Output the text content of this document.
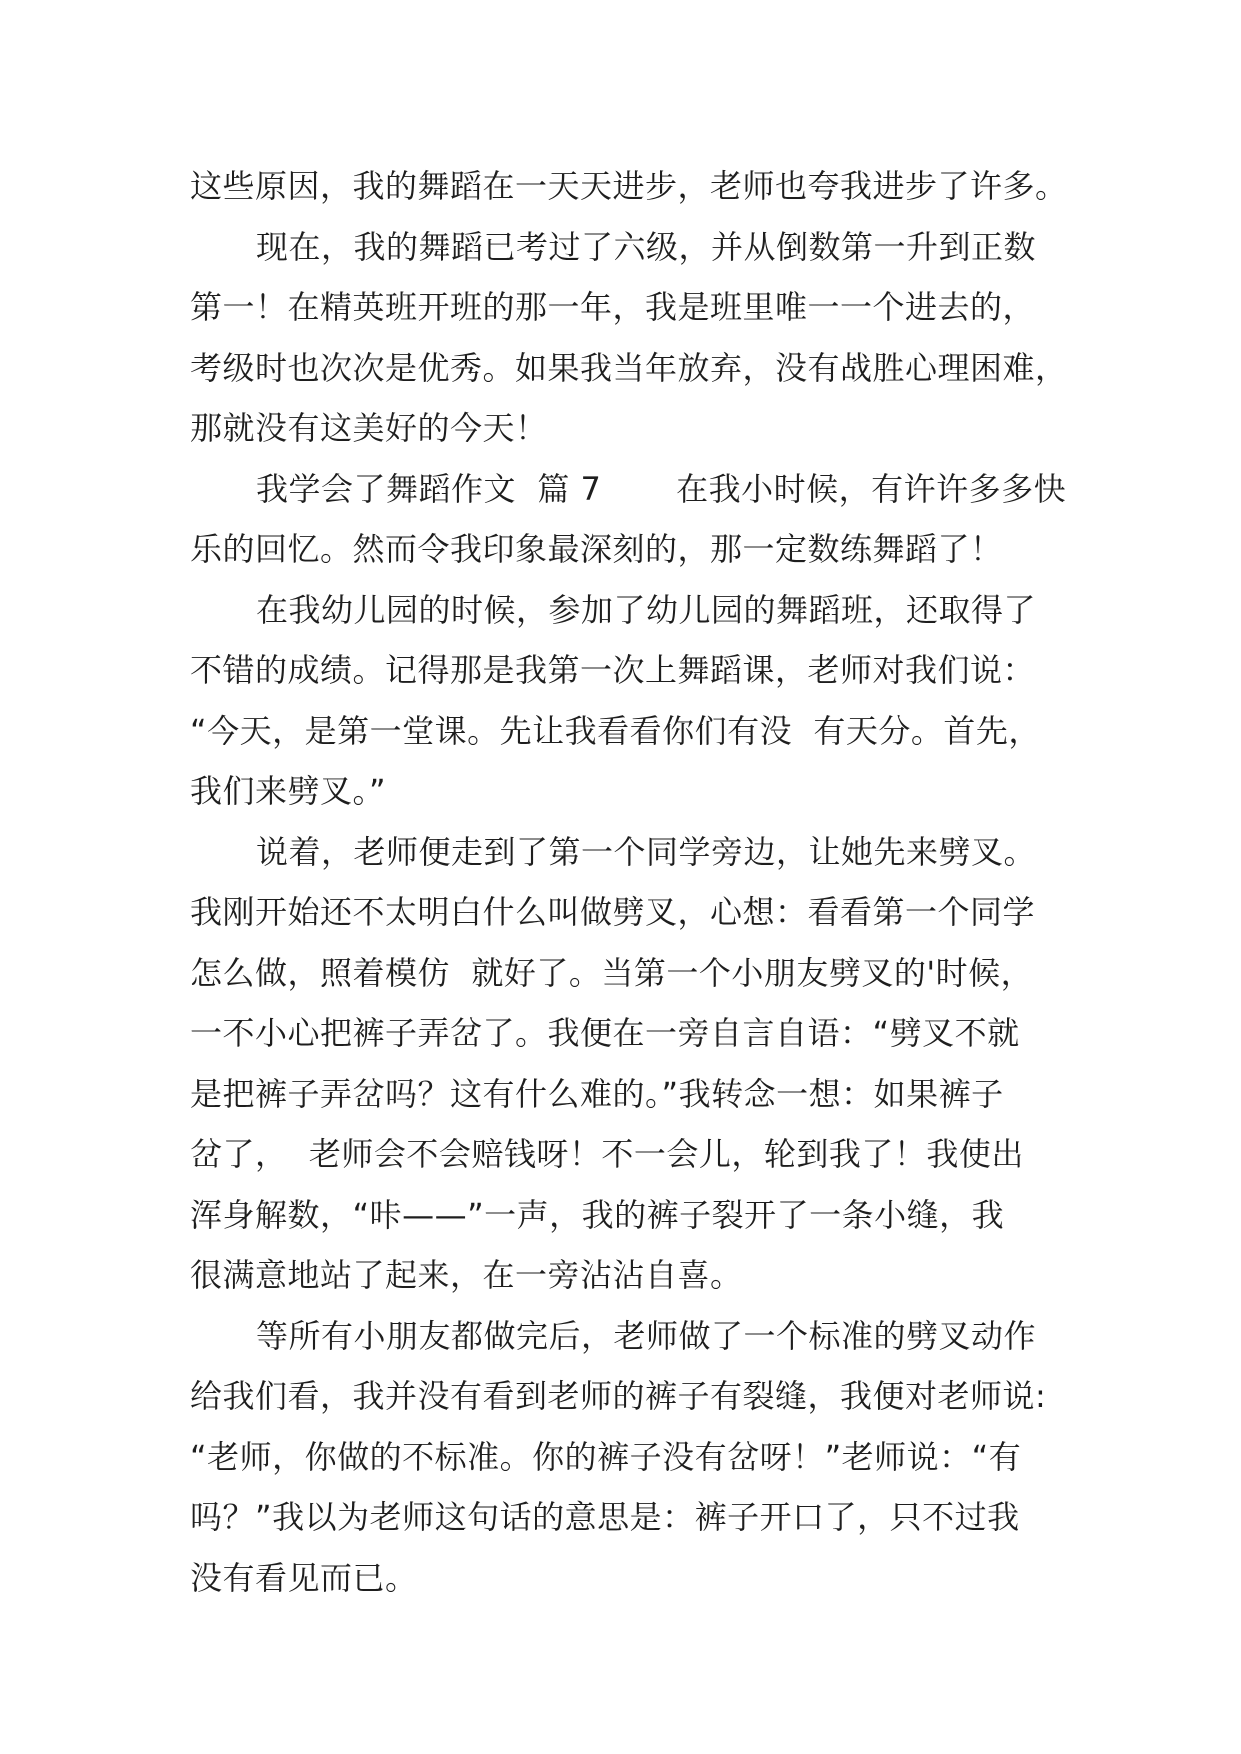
这些原因，我的舞蹈在一天天进步，老师也夸我进步了许多。
现在，我的舞蹈已考过了六级，并从倒数第一升到正数
第一！在精英班开班的那一年，我是班里唯一一个进去的，
考级时也次次是优秀。如果我当年放弃，没有战胜心理困难，
那就没有这美好的今天！
我学会了舞蹈作文  篇 7       在我小时候，有许许多多快
乐的回忆。然而令我印象最深刻的，那一定数练舞蹈了！
在我幼儿园的时候，参加了幼儿园的舞蹈班，还取得了
不错的成绩。记得那是我第一次上舞蹈课，老师对我们说：
“今天，是第一堂课。先让我看看你们有没  有天分。首先，
我们来劈叉。”
说着，老师便走到了第一个同学旁边，让她先来劈叉。
我刚开始还不太明白什么叫做劈叉，心想：看看第一个同学
怎么做，照着模仿  就好了。当第一个小朋友劈叉的'时候，
一不小心把裤子弄岔了。我便在一旁自言自语：“劈叉不就
是把裤子弄岔吗？这有什么难的。”我转念一想：如果裤子
岔了，  老师会不会赔钱呀！不一会儿，轮到我了！我使出
浑身解数，“咔——”一声，我的裤子裂开了一条小缝，我
很满意地站了起来，在一旁沾沾自喜。
等所有小朋友都做完后，老师做了一个标准的劈叉动作
给我们看，我并没有看到老师的裤子有裂缝，我便对老师说:
“老师，你做的不标准。你的裤子没有岔呀！”老师说：“有
吗？”我以为老师这句话的意思是：裤子开口了，只不过我
没有看见而已。
